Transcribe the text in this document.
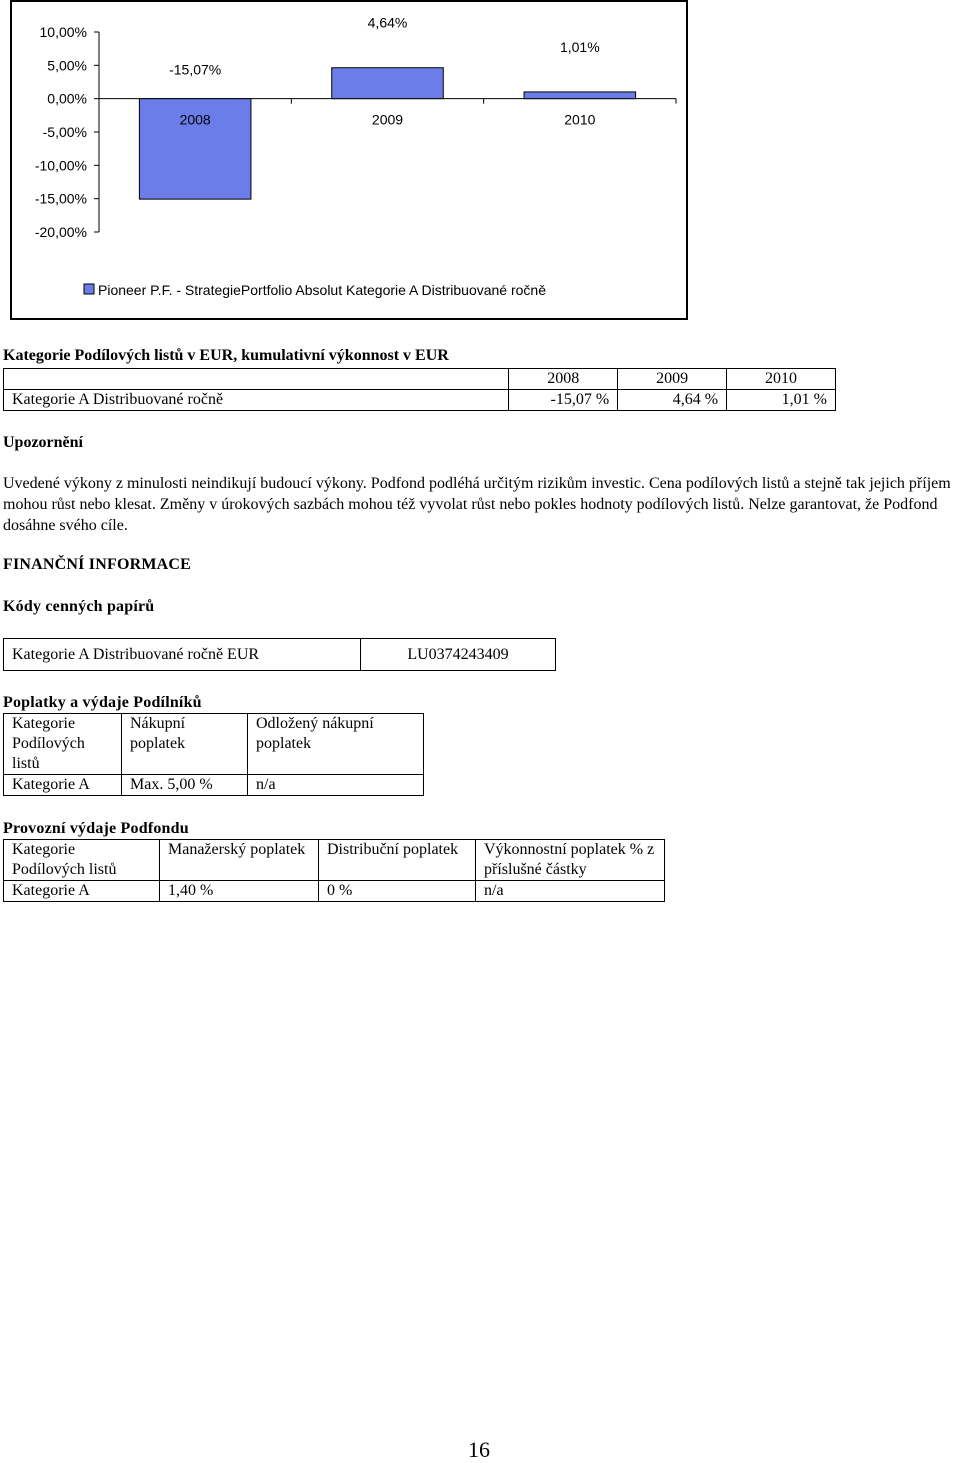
10,00%
5,00%
0,00%
-5,00%
-10,00%
-15,00%
-20,00%
-15,07%
2008
4,64%
2009
1,01%
2010
Pioneer P.F. - StrategiePortfolio Absolut Kategorie A Distribuované ročně
Kategorie Podílových listů v EUR, kumulativní výkonnost v EUR
	2008	2009	2010
Kategorie A Distribuované ročně	-15,07 %	4,64 %	1,01 %
Upozornění
Uvedené výkony z minulosti neindikují budoucí výkony. Podfond podléhá určitým rizikům investic. Cena podílových listů a stejně tak jejich příjem mohou růst nebo klesat. Změny v úrokových sazbách mohou též vyvolat růst nebo pokles hodnoty podílových listů. Nelze garantovat, že Podfond dosáhne svého cíle.
FINANČNÍ INFORMACE
Kódy cenných papírů
Kategorie A Distribuované ročně EUR	LU0374243409
Poplatky a výdaje Podílníků
Kategorie Podílových listů	Nákupní poplatek	Odložený nákupní poplatek
Kategorie A	Max. 5,00 %	n/a
Provozní výdaje Podfondu
Kategorie Podílových listů	Manažerský poplatek	Distribuční poplatek	Výkonnostní poplatek % z příslušné částky
Kategorie A	1,40 %	0 %	n/a
16
